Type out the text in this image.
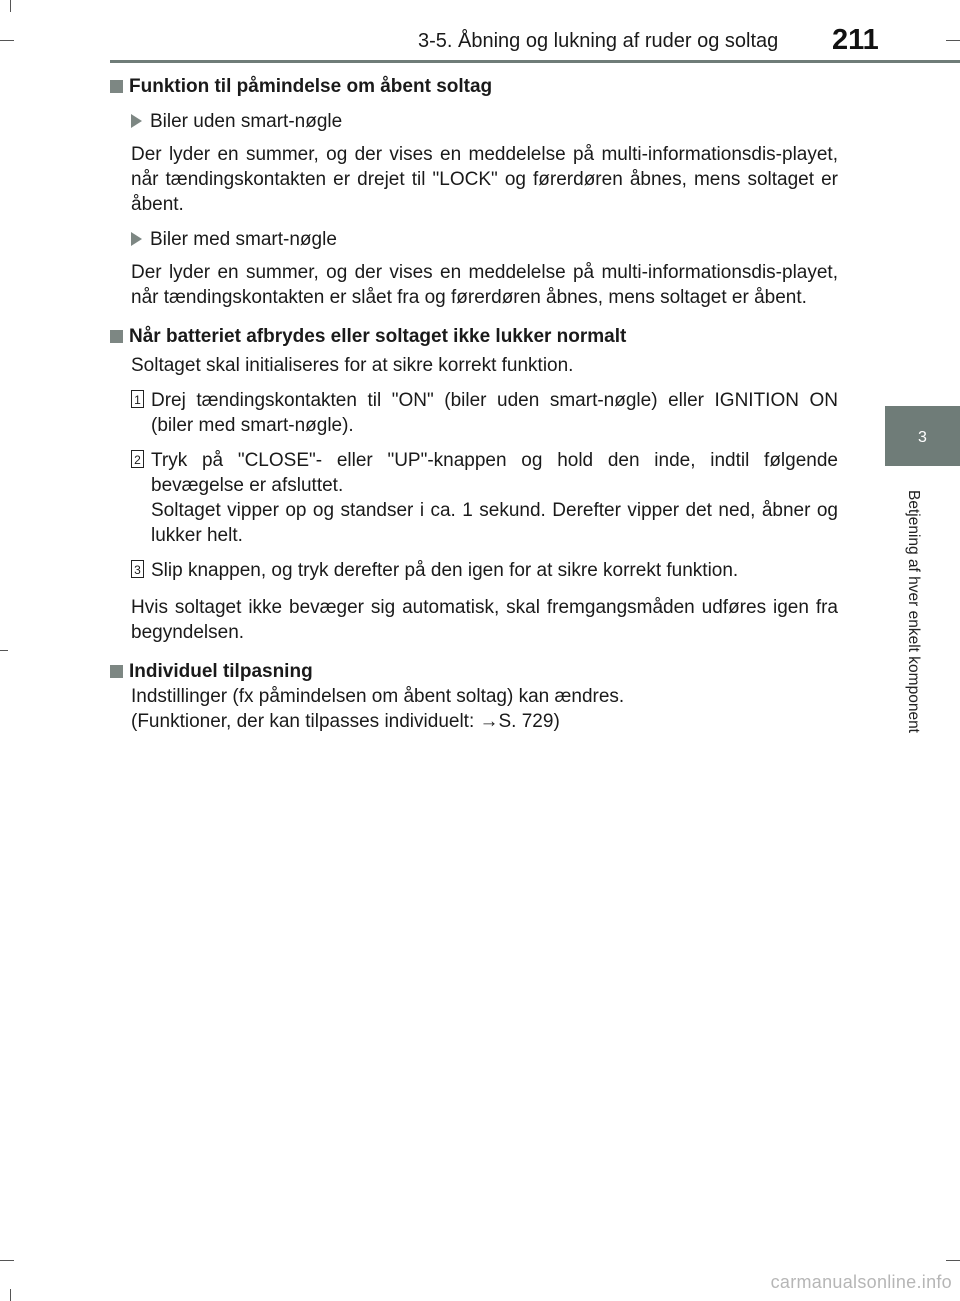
3-5. Åbning og lukning af ruder og soltag 211
3
Betjening af hver enkelt komponent

Funktion til påmindelse om åbent soltag

Biler uden smart-nøgle

Der lyder en summer, og der vises en meddelelse på multi-informationsdis-playet, når tændingskontakten er drejet til "LOCK" og førerdøren åbnes, mens soltaget er åbent.

Biler med smart-nøgle

Der lyder en summer, og der vises en meddelelse på multi-informationsdis-playet, når tændingskontakten er slået fra og førerdøren åbnes, mens soltaget er åbent.

Når batteriet afbrydes eller soltaget ikke lukker normalt

Soltaget skal initialiseres for at sikre korrekt funktion.

1 Drej tændingskontakten til "ON" (biler uden smart-nøgle) eller IGNITION ON (biler med smart-nøgle).
2 Tryk på "CLOSE"- eller "UP"-knappen og hold den inde, indtil følgende bevægelse er afsluttet.
Soltaget vipper op og standser i ca. 1 sekund. Derefter vipper det ned, åbner og lukker helt.
3 Slip knappen, og tryk derefter på den igen for at sikre korrekt funktion.

Hvis soltaget ikke bevæger sig automatisk, skal fremgangsmåden udføres igen fra begyndelsen.

Individuel tilpasning

Indstillinger (fx påmindelsen om åbent soltag) kan ændres.

(Funktioner, der kan tilpasses individuelt: →S. 729)

carmanualsonline.info
